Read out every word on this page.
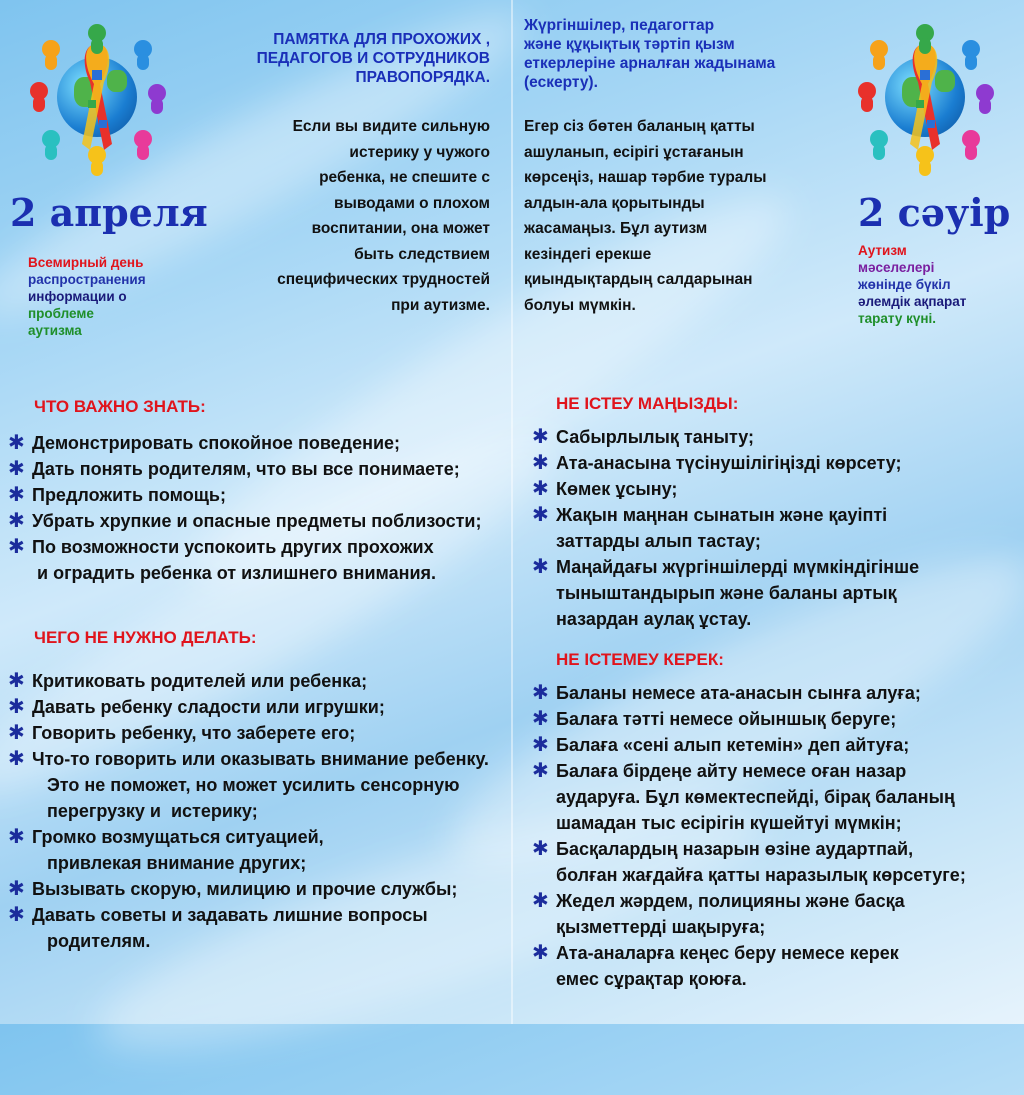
2 апреля
Всемирный день
распространения
информации о
проблеме
аутизма
ПАМЯТКА ДЛЯ ПРОХОЖИХ ,
ПЕДАГОГОВ И СОТРУДНИКОВ
ПРАВОПОРЯДКА.
Если вы видите сильную
истерику у чужого
ребенка, не спешите с
выводами о плохом
воспитании, она может
быть следствием
специфических трудностей
при аутизме.
ЧТО ВАЖНО ЗНАТЬ:
✱ Демонстрировать спокойное поведение;
✱ Дать понять родителям, что вы все понимаете;
✱ Предложить помощь;
✱ Убрать хрупкие и опасные предметы поблизости;
✱ По возможности успокоить других прохожих
и оградить ребенка от излишнего внимания.
ЧЕГО НЕ НУЖНО ДЕЛАТЬ:
✱ Критиковать родителей или ребенка;
✱ Давать ребенку сладости или игрушки;
✱ Говорить ребенку, что заберете его;
✱ Что-то говорить или оказывать внимание ребенку.
Это не поможет, но может усилить сенсорную
перегрузку и  истерику;
✱ Громко возмущаться ситуацией,
привлекая внимание других;
✱ Вызывать скорую, милицию и прочие службы;
✱ Давать советы и задавать лишние вопросы
родителям.
Жүргіншілер, педагогтар
және құқықтық тәртіп қызм
еткерлеріне арналған жадынама
(ескерту).
Егер сіз бөтен баланың қатты
ашуланып, есірігі ұстағанын
көрсеңіз, нашар тәрбие туралы
алдын-ала қорытынды
жасамаңыз. Бұл аутизм
кезіндегі ерекше
қиындықтардың салдарынан
болуы мүмкін.
2 сәуір
Аутизм
мәселелері
жөнінде бүкіл
әлемдік ақпарат
тарату күні.
НЕ ІСТЕУ МАҢЫЗДЫ:
✱ Сабырлылық таныту;
✱ Ата-анасына түсінушілігіңізді көрсету;
✱ Көмек ұсыну;
✱ Жақын маңнан сынатын және қауіпті
заттарды алып тастау;
✱ Маңайдағы жүргіншілерді мүмкіндігінше
тыныштандырып және баланы артық
назардан аулақ ұстау.
НЕ ІСТЕМЕУ КЕРЕК:
✱ Баланы немесе ата-анасын сынға алуға;
✱ Балаға тәтті немесе ойыншық беруге;
✱ Балаға «сені алып кетемін» деп айтуға;
✱ Балаға бірдеңе айту немесе оған назар
аударуға. Бұл көмектеспейді, бірақ баланың
шамадан тыс есірігін күшейтуі мүмкін;
✱ Басқалардың назарын өзіне аудартпай,
болған жағдайға қатты наразылық көрсетуге;
✱ Жедел жәрдем, полицияны және басқа
қызметтерді шақыруға;
✱ Ата-аналарға кеңес беру немесе керек
емес сұрақтар қоюға.
